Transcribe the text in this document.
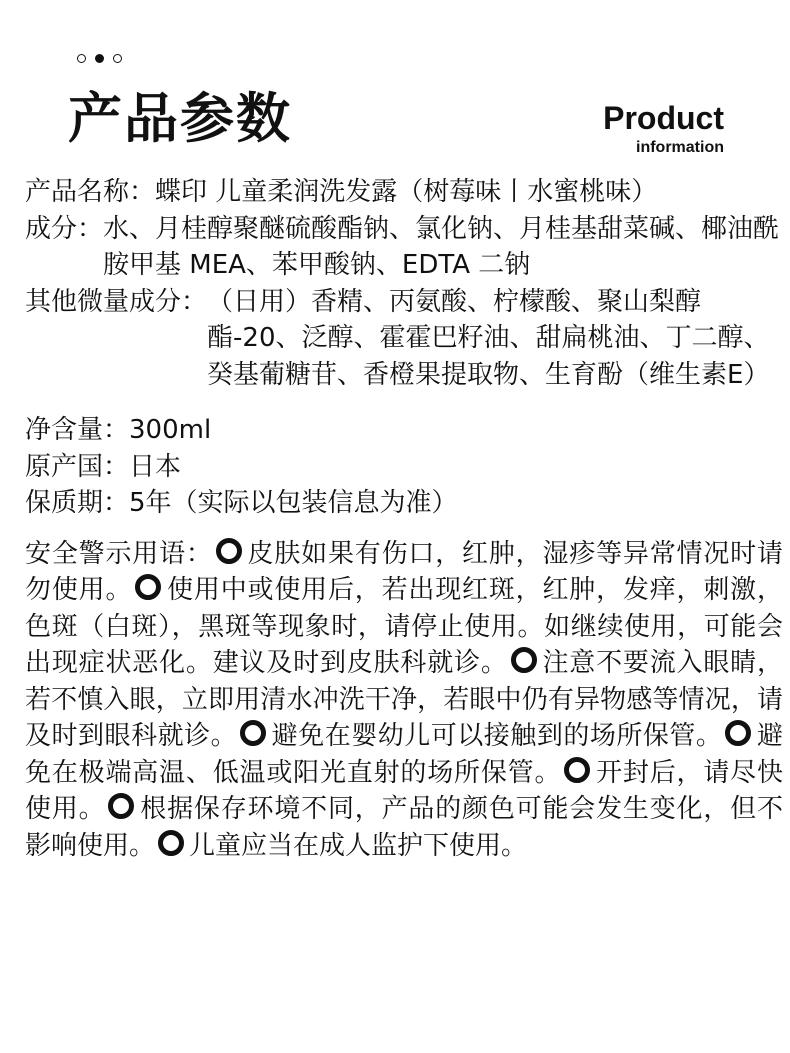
产品参数	Product
information
产品名称： 蝶印 儿童柔润洗发露（树莓味丨水蜜桃味）
成分： 水、月桂醇聚醚硫酸酯钠、氯化钠、月桂基甜菜碱、椰油酰胺甲基 MEA、苯甲酸钠、EDTA 二钠
其他微量成分： （日用）香精、丙氨酸、柠檬酸、聚山梨醇酯-20、泛醇、霍霍巴籽油、甜扁桃油、丁二醇、癸基葡糖苷、香橙果提取物、生育酚（维生素E）
净含量： 300ml
原产国： 日本
保质期： 5年（实际以包装信息为准）
安全警示用语： 皮肤如果有伤口，红肿，湿疹等异常情况时请勿使用。 使用中或使用后，若出现红斑，红肿，发痒，刺激，色斑（白斑），黑斑等现象时，请停止使用。如继续使用，可能会出现症状恶化。建议及时到皮肤科就诊。 注意不要流入眼睛，若不慎入眼，立即用清水冲洗干净，若眼中仍有异物感等情况，请及时到眼科就诊。 避免在婴幼儿可以接触到的场所保管。 避免在极端高温、低温或阳光直射的场所保管。 开封后，请尽快使用。 根据保存环境不同，产品的颜色可能会发生变化，但不影响使用。 儿童应当在成人监护下使用。
